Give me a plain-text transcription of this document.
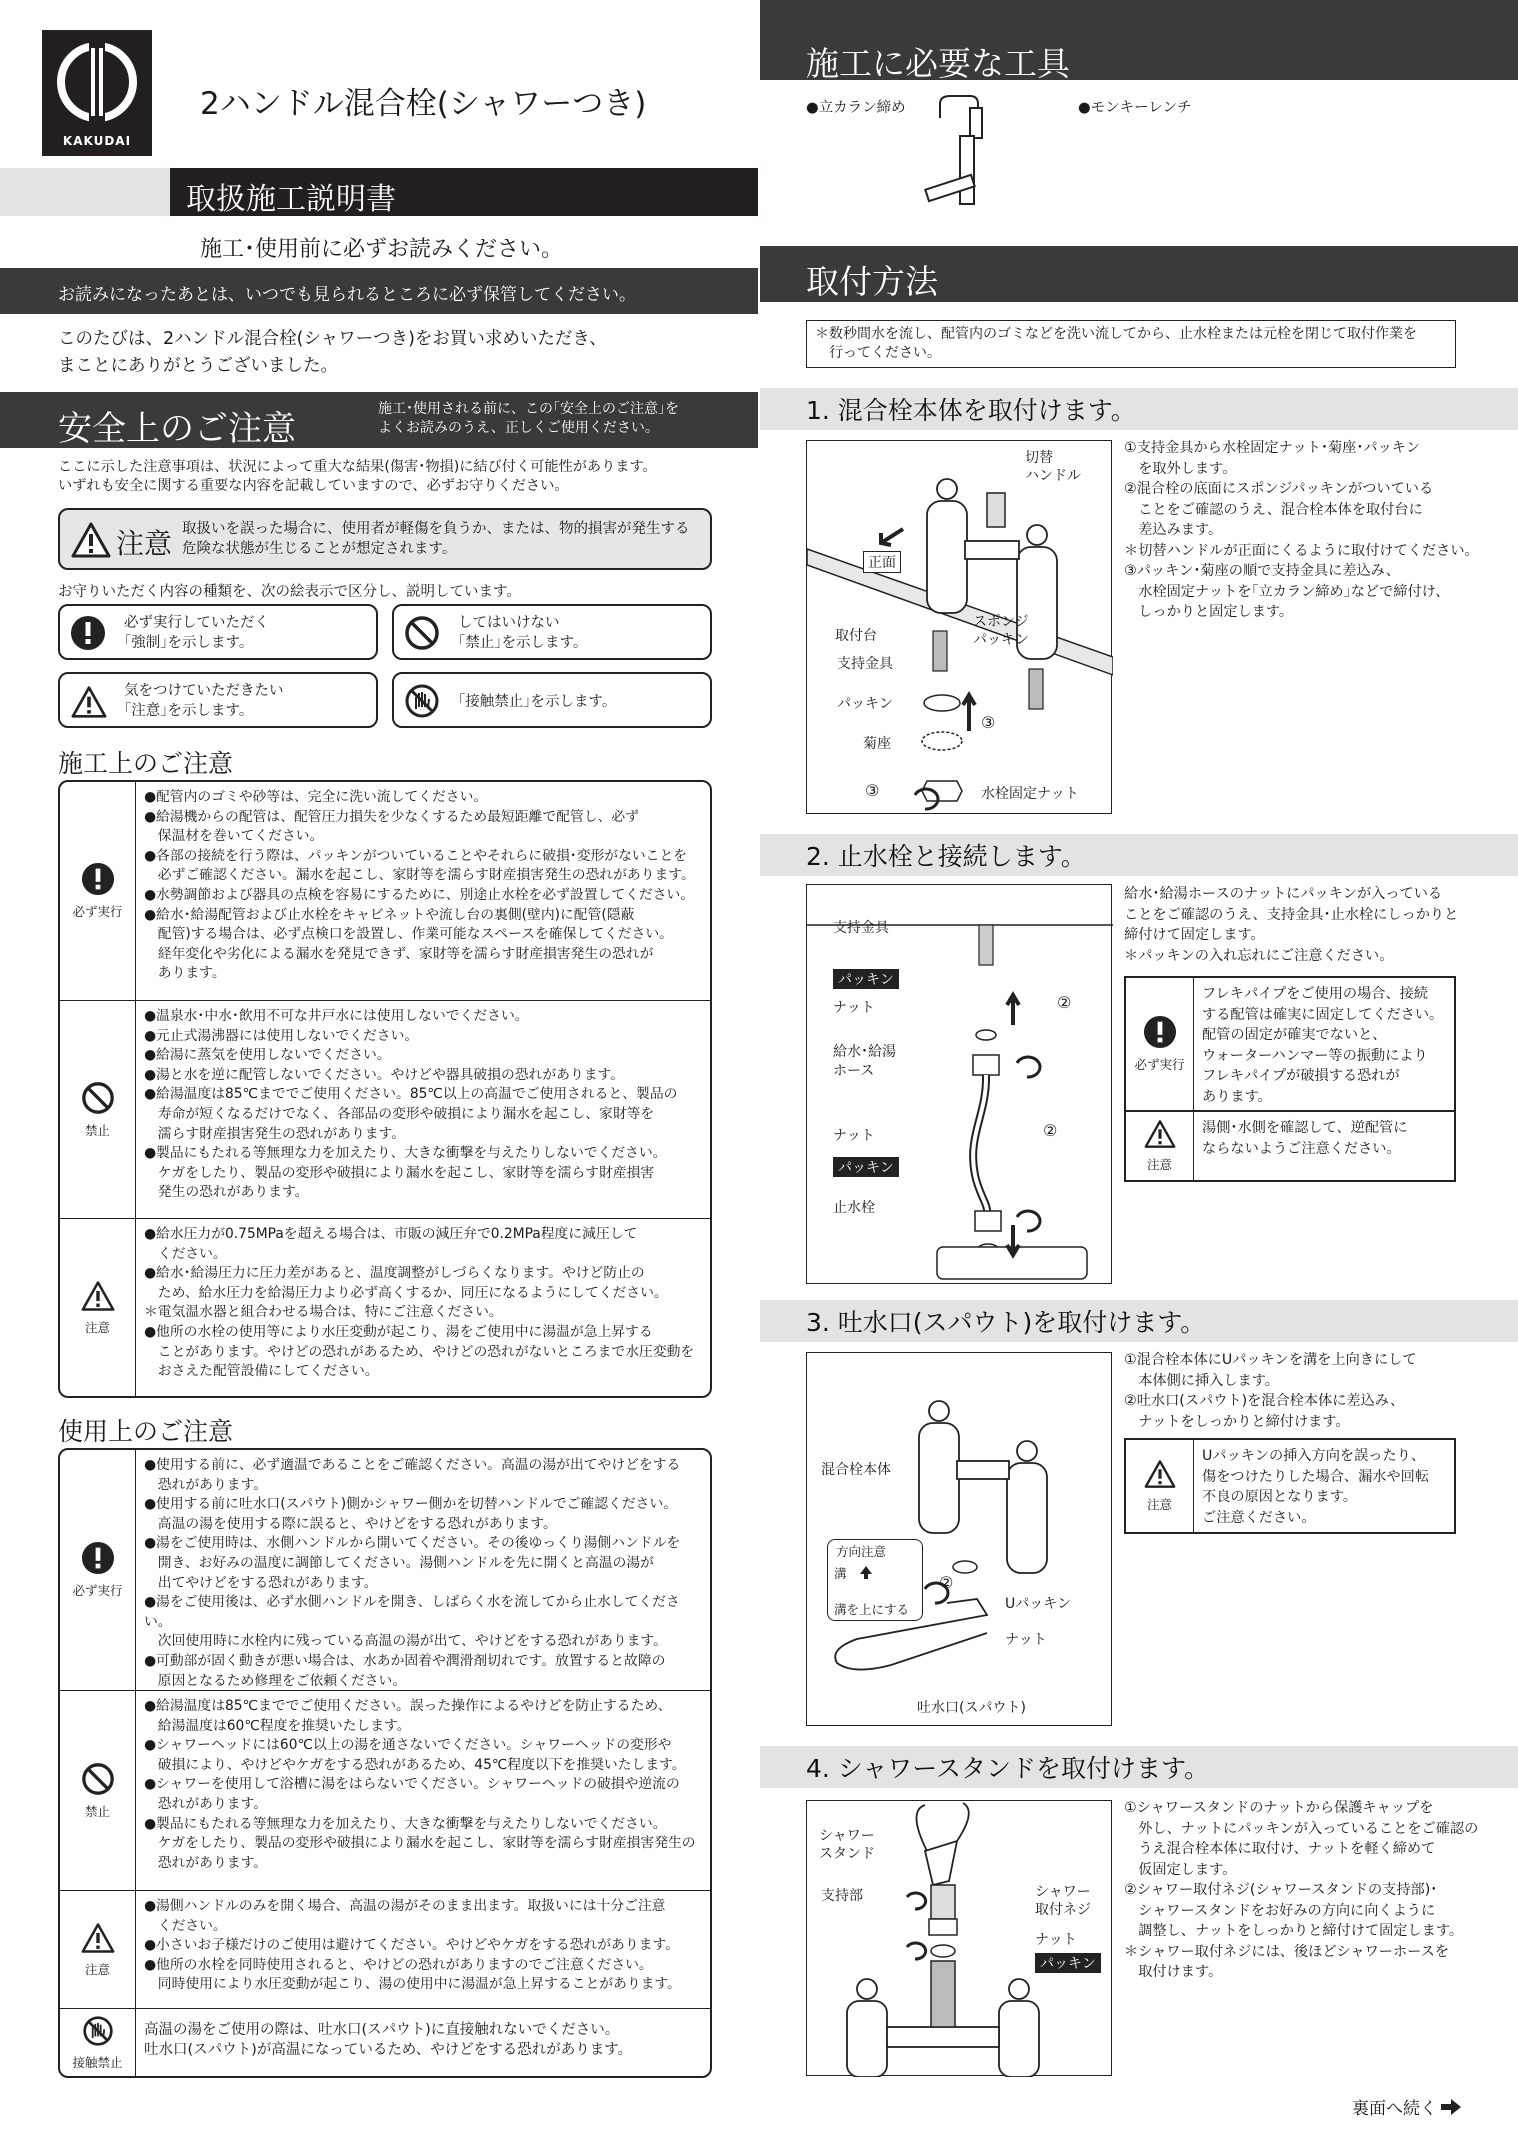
KAKUDAI
2ハンドル混合栓(シャワーつき)
取扱施工説明書
施工･使用前に必ずお読みください。
お読みになったあとは、いつでも見られるところに必ず保管してください。
このたびは、2ハンドル混合栓(シャワーつき)をお買い求めいただき、
まことにありがとうございました。
安全上のご注意	施工･使用される前に、この｢安全上のご注意｣を
よくお読みのうえ、正しくご使用ください。
ここに示した注意事項は、状況によって重大な結果(傷害･物損)に結び付く可能性があります。
いずれも安全に関する重要な内容を記載していますので、必ずお守りください。
注意 取扱いを誤った場合に、使用者が軽傷を負うか、または、物的損害が発生する
危険な状態が生じることが想定されます。
お守りいただく内容の種類を、次の絵表示で区分し、説明しています。
必ず実行していただく
｢強制｣を示します。
してはいけない
｢禁止｣を示します。
気をつけていただきたい
｢注意｣を示します。
｢接触禁止｣を示します。
施工上のご注意
必ず実行
●配管内のゴミや砂等は、完全に洗い流してください。
●給湯機からの配管は、配管圧力損失を少なくするため最短距離で配管し、必ず
　保温材を巻いてください。
●各部の接続を行う際は、パッキンがついていることやそれらに破損･変形がないことを
　必ずご確認ください。漏水を起こし、家財等を濡らす財産損害発生の恐れがあります。
●水勢調節および器具の点検を容易にするために、別途止水栓を必ず設置してください。
●給水･給湯配管および止水栓をキャビネットや流し台の裏側(壁内)に配管(隠蔽
　配管)する場合は、必ず点検口を設置し、作業可能なスペースを確保してください。
　経年変化や劣化による漏水を発見できず、家財等を濡らす財産損害発生の恐れが
　あります。
禁止
●温泉水･中水･飲用不可な井戸水には使用しないでください。
●元止式湯沸器には使用しないでください。
●給湯に蒸気を使用しないでください。
●湯と水を逆に配管しないでください。やけどや器具破損の恐れがあります。
●給湯温度は85℃まででご使用ください。85℃以上の高温でご使用されると、製品の
　寿命が短くなるだけでなく、各部品の変形や破損により漏水を起こし、家財等を
　濡らす財産損害発生の恐れがあります。
●製品にもたれる等無理な力を加えたり、大きな衝撃を与えたりしないでください。
　ケガをしたり、製品の変形や破損により漏水を起こし、家財等を濡らす財産損害
　発生の恐れがあります。
注意
●給水圧力が0.75MPaを超える場合は、市販の減圧弁で0.2MPa程度に減圧して
　ください。
●給水･給湯圧力に圧力差があると、温度調整がしづらくなります。やけど防止の
　ため、給水圧力を給湯圧力より必ず高くするか、同圧になるようにしてください。
＊電気温水器と組合わせる場合は、特にご注意ください。
●他所の水栓の使用等により水圧変動が起こり、湯をご使用中に湯温が急上昇する
　ことがあります。やけどの恐れがあるため、やけどの恐れがないところまで水圧変動を
　おさえた配管設備にしてください。
使用上のご注意
必ず実行
●使用する前に、必ず適温であることをご確認ください。高温の湯が出てやけどをする
　恐れがあります。
●使用する前に吐水口(スパウト)側かシャワー側かを切替ハンドルでご確認ください。
　高温の湯を使用する際に誤ると、やけどをする恐れがあります。
●湯をご使用時は、水側ハンドルから開いてください。その後ゆっくり湯側ハンドルを
　開き、お好みの温度に調節してください。湯側ハンドルを先に開くと高温の湯が
　出てやけどをする恐れがあります。
●湯をご使用後は、必ず水側ハンドルを開き、しばらく水を流してから止水してください。
　次回使用時に水栓内に残っている高温の湯が出て、やけどをする恐れがあります。
●可動部が固く動きが悪い場合は、水あか固着や潤滑剤切れです。放置すると故障の
　原因となるため修理をご依頼ください。
禁止
●給湯温度は85℃まででご使用ください。誤った操作によるやけどを防止するため、
　給湯温度は60℃程度を推奨いたします。
●シャワーヘッドには60℃以上の湯を通さないでください。シャワーヘッドの変形や
　破損により、やけどやケガをする恐れがあるため、45℃程度以下を推奨いたします。
●シャワーを使用して浴槽に湯をはらないでください。シャワーヘッドの破損や逆流の
　恐れがあります。
●製品にもたれる等無理な力を加えたり、大きな衝撃を与えたりしないでください。
　ケガをしたり、製品の変形や破損により漏水を起こし、家財等を濡らす財産損害発生の
　恐れがあります。
注意
●湯側ハンドルのみを開く場合、高温の湯がそのまま出ます。取扱いには十分ご注意
　ください。
●小さいお子様だけのご使用は避けてください。やけどやケガをする恐れがあります。
●他所の水栓を同時使用されると、やけどの恐れがありますのでご注意ください。
　同時使用により水圧変動が起こり、湯の使用中に湯温が急上昇することがあります。
接触禁止
高温の湯をご使用の際は、吐水口(スパウト)に直接触れないでください。
吐水口(スパウト)が高温になっているため、やけどをする恐れがあります。
施工に必要な工具
●立カラン締め	●モンキーレンチ
取付方法
＊数秒間水を流し、配管内のゴミなどを洗い流してから、止水栓または元栓を閉じて取付作業を
　行ってください。
1. 混合栓本体を取付けます。
切替
ハンドル
正面
スポンジ
パッキン
取付台
支持金具
パッキン
菊座
水栓固定ナット
③
③
①支持金具から水栓固定ナット･菊座･パッキン
　を取外します。
②混合栓の底面にスポンジパッキンがついている
　ことをご確認のうえ、混合栓本体を取付台に
　差込みます。
＊切替ハンドルが正面にくるように取付けてください。
③パッキン･菊座の順で支持金具に差込み、
　水栓固定ナットを｢立カラン締め｣などで締付け、
　しっかりと固定します。
2. 止水栓と接続します。
支持金具
パッキン
ナット
給水･給湯
ホース
ナット
パッキン
止水栓
②
②
給水･給湯ホースのナットにパッキンが入っている
ことをご確認のうえ、支持金具･止水栓にしっかりと
締付けて固定します。
＊パッキンの入れ忘れにご注意ください。
必ず実行
フレキパイプをご使用の場合、接続
する配管は確実に固定してください。
配管の固定が確実でないと、
ウォーターハンマー等の振動により
フレキパイプが破損する恐れが
あります。
注意
湯側･水側を確認して、逆配管に
ならないようご注意ください。
3. 吐水口(スパウト)を取付けます。
混合栓本体
方向注意
溝
溝を上にする	Uパッキン
ナット
吐水口(スパウト)
②
①混合栓本体にUパッキンを溝を上向きにして
　本体側に挿入します。
②吐水口(スパウト)を混合栓本体に差込み、
　ナットをしっかりと締付けます。
注意
Uパッキンの挿入方向を誤ったり、
傷をつけたりした場合、漏水や回転
不良の原因となります。
ご注意ください。
4. シャワースタンドを取付けます。
シャワー
スタンド
支持部	シャワー
取付ネジ
ナット
パッキン
①シャワースタンドのナットから保護キャップを
　外し、ナットにパッキンが入っていることをご確認の
　うえ混合栓本体に取付け、ナットを軽く締めて
　仮固定します。
②シャワー取付ネジ(シャワースタンドの支持部)･
　シャワースタンドをお好みの方向に向くように
　調整し、ナットをしっかりと締付けて固定します。
＊シャワー取付ネジには、後ほどシャワーホースを
　取付けます。
裏面へ続く
